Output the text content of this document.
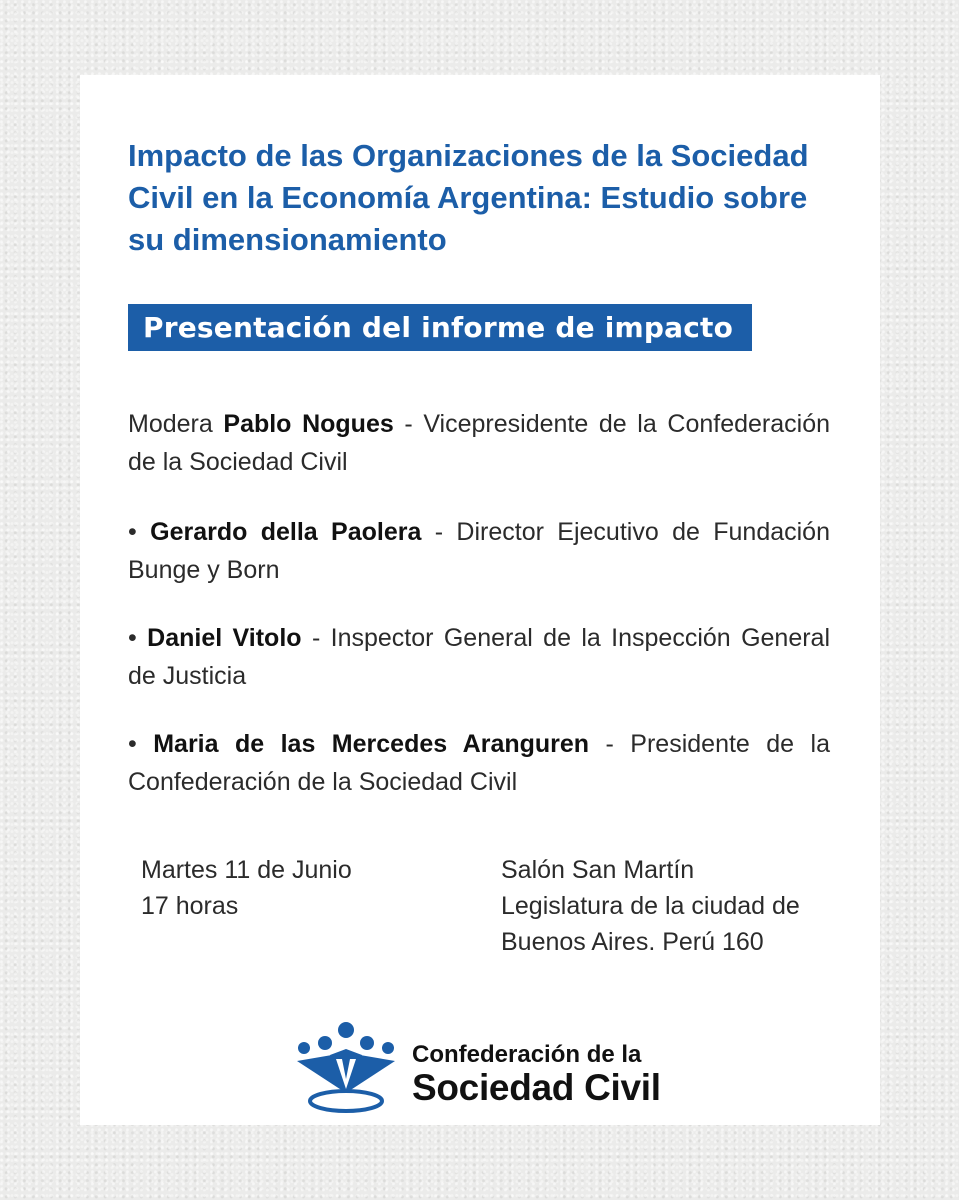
Impacto de las Organizaciones de la Sociedad Civil en la Economía Argentina: Estudio sobre su dimensionamiento
Presentación del informe de impacto

Modera Pablo Nogues - Vicepresidente de la Confederación de la Sociedad Civil

• Gerardo della Paolera - Director Ejecutivo de Fundación Bunge y Born

• Daniel Vitolo - Inspector General de la Inspección General de Justicia

• Maria de las Mercedes Aranguren - Presidente de la Confederación de la Sociedad Civil

Martes 11 de Junio
17 horas
Salón San Martín
Legislatura de la ciudad de
Buenos Aires. Perú 160
Confederación de la
Sociedad Civil
